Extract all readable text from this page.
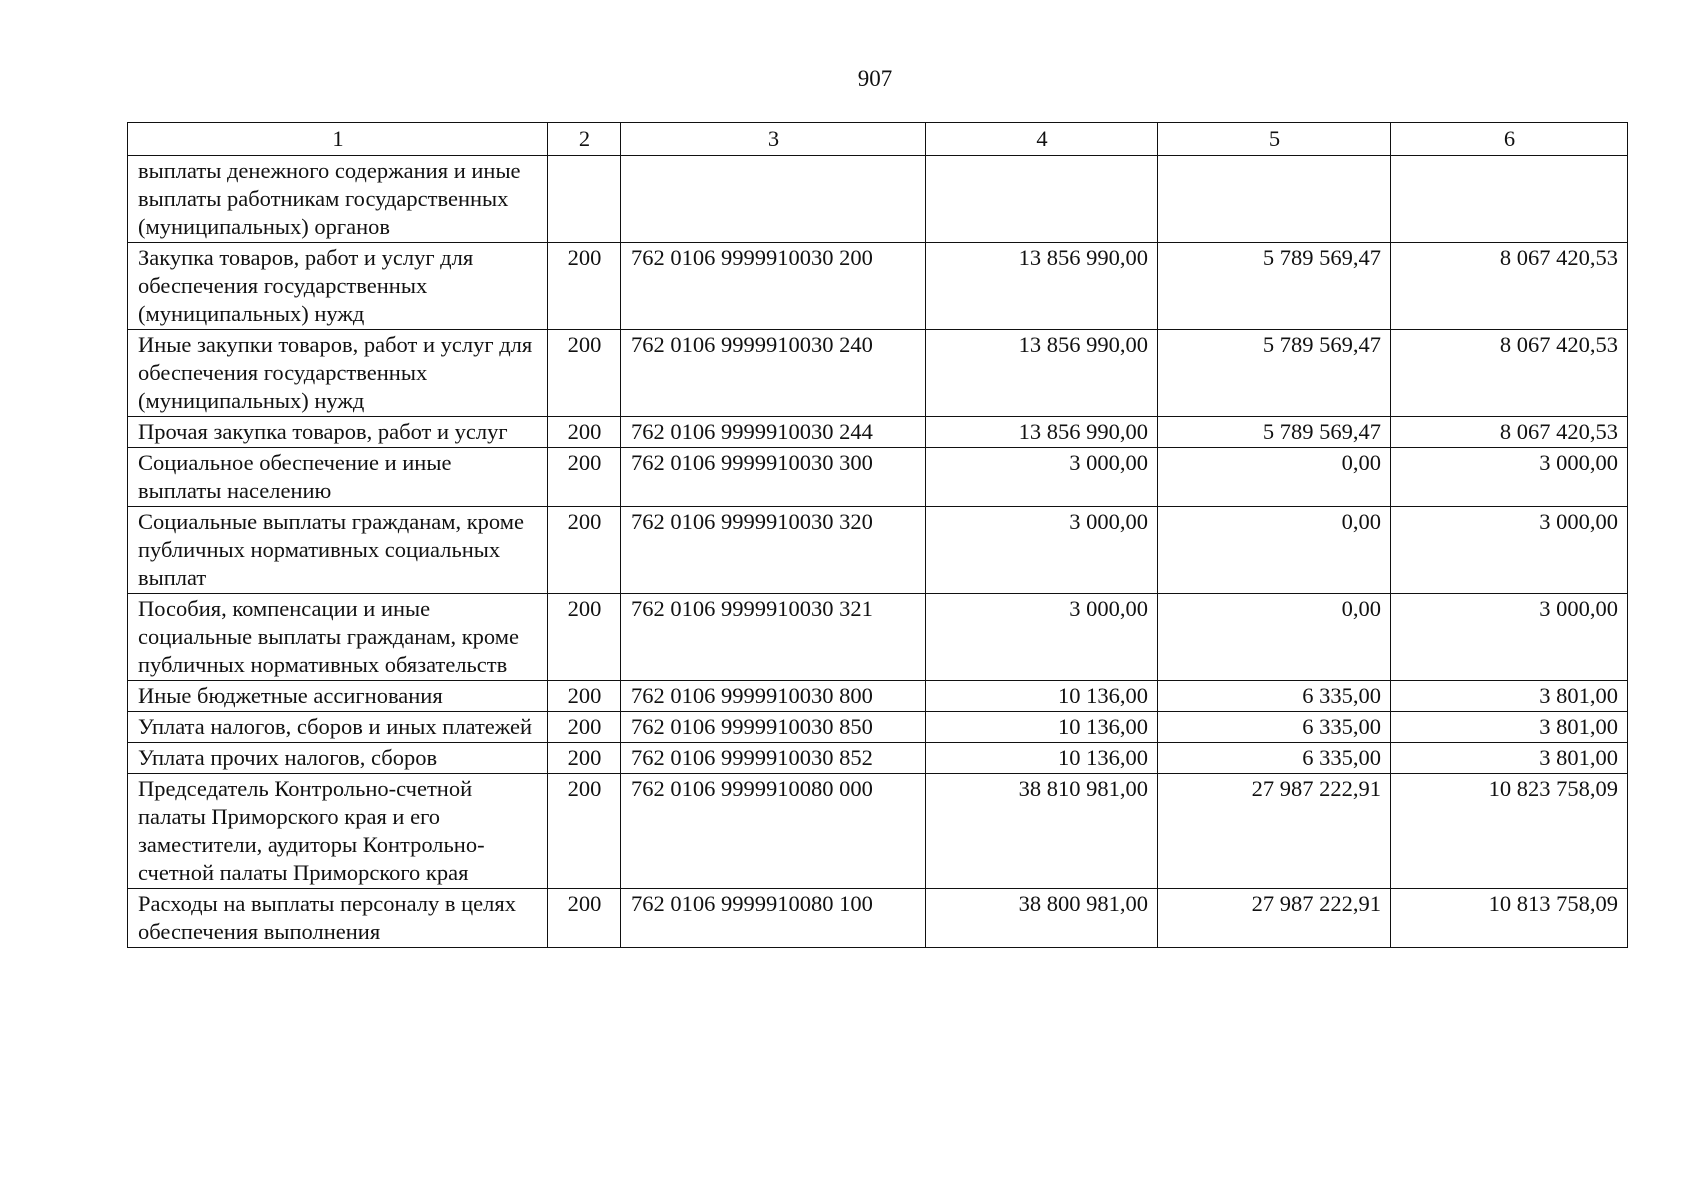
907
1	2	3	4	5	6
выплаты денежного содержания и иные выплаты работникам государственных (муниципальных) органов					
Закупка товаров, работ и услуг для обеспечения государственных (муниципальных) нужд	200	762 0106 9999910030 200	13 856 990,00	5 789 569,47	8 067 420,53
Иные закупки товаров, работ и услуг для обеспечения государственных (муниципальных) нужд	200	762 0106 9999910030 240	13 856 990,00	5 789 569,47	8 067 420,53
Прочая закупка товаров, работ и услуг	200	762 0106 9999910030 244	13 856 990,00	5 789 569,47	8 067 420,53
Социальное обеспечение и иные выплаты населению	200	762 0106 9999910030 300	3 000,00	0,00	3 000,00
Социальные выплаты гражданам, кроме публичных нормативных социальных выплат	200	762 0106 9999910030 320	3 000,00	0,00	3 000,00
Пособия, компенсации и иные социальные выплаты гражданам, кроме публичных нормативных обязательств	200	762 0106 9999910030 321	3 000,00	0,00	3 000,00
Иные бюджетные ассигнования	200	762 0106 9999910030 800	10 136,00	6 335,00	3 801,00
Уплата налогов, сборов и иных платежей	200	762 0106 9999910030 850	10 136,00	6 335,00	3 801,00
Уплата прочих налогов, сборов	200	762 0106 9999910030 852	10 136,00	6 335,00	3 801,00
Председатель Контрольно-счетной палаты Приморского края и его заместители, аудиторы Контрольно-счетной палаты Приморского края	200	762 0106 9999910080 000	38 810 981,00	27 987 222,91	10 823 758,09
Расходы на выплаты персоналу в целях обеспечения выполнения	200	762 0106 9999910080 100	38 800 981,00	27 987 222,91	10 813 758,09
